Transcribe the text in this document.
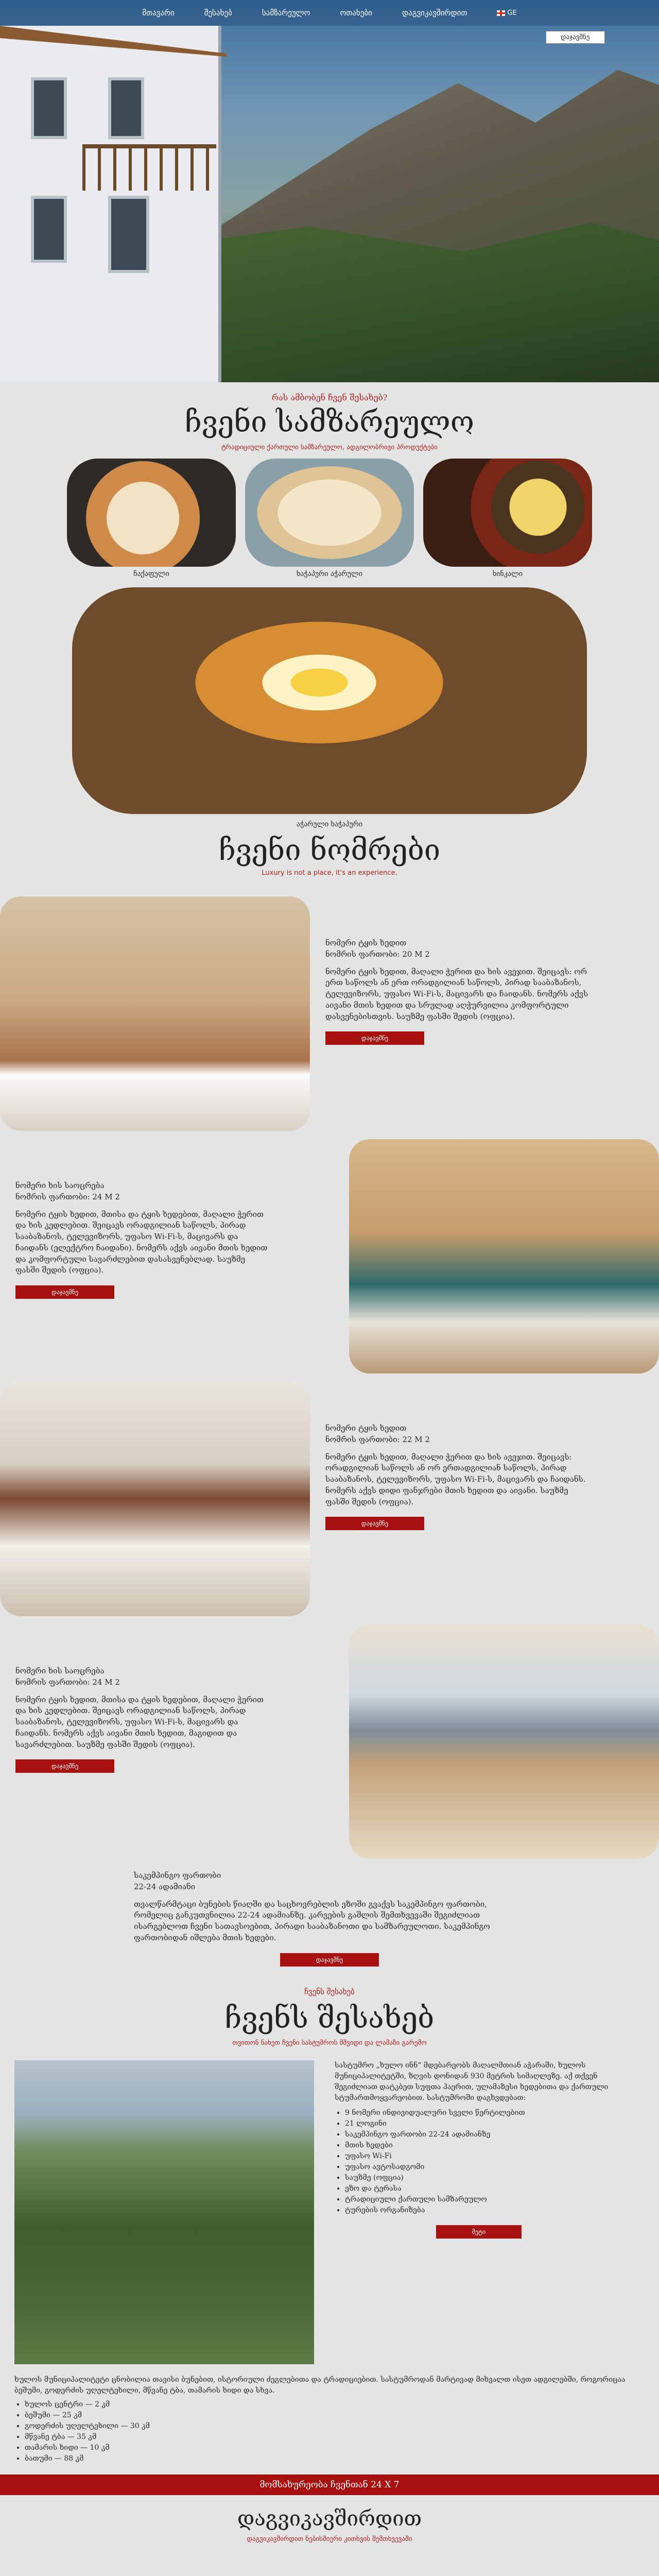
მთავარი	შესახებ	სამზარეულო	ოთახები	დაგვიკავშირდით	GE
დაჯავშნე
რას ამბობენ ჩვენ შესახებ?
ჩვენი სამზარეულო
ტრადიციული ქართული სამზარეულო, ადგილობრივი პროდუქტები
ჩაქაფული	ხაჭაპური აჭარული	ხინკალი
აჭარული ხაჭაპური
ჩვენი ნომრები
Luxury is not a place, it's an experience.
ნომერი ტყის ხედით
ნომრის ფართობი: 20 M 2

ნომერი ტყის ხედით, მაღალი ჭერით და ხის ავეჯით. შეიცავს: ორ ერთ საწოლს ან ერთ ორადგილიან საწოლს, პირად სააბაზანოს, ტელევიზორს, უფასო Wi-Fi-ს, მაცივარს და ჩაიდანს. ნომერს აქვს აივანი მთის ხედით და სრულად აღჭურვილია კომფორტული დასვენებისთვის. საუზმე ფასში შედის (ოფცია).

დაჯავშნე
ნომერი ხის საოცრება
ნომრის ფართობი: 24 M 2

ნომერი ტყის ხედით, მთისა და ტყის ხედებით, მაღალი ჭერით და ხის კედლებით. შეიცავს ორადგილიან საწოლს, პირად სააბაზანოს, ტელევიზორს, უფასო Wi-Fi-ს, მაცივარს და ჩაიდანს (ელექტრო ჩაიდანი). ნომერს აქვს აივანი მთის ხედით და კომფორტული სავარძლებით დასასვენებლად. საუზმე ფასში შედის (ოფცია).

დაჯავშნე
ნომერი ტყის ხედით
ნომრის ფართობი: 22 M 2

ნომერი ტყის ხედით, მაღალი ჭერით და ხის ავეჯით. შეიცავს: ორადგილიან საწოლს ან ორ ერთადგილიან საწოლს, პირად სააბაზანოს, ტელევიზორს, უფასო Wi-Fi-ს, მაცივარს და ჩაიდანს. ნომერს აქვს დიდი ფანჯრები მთის ხედით და აივანი. საუზმე ფასში შედის (ოფცია).

დაჯავშნე
ნომერი ხის საოცრება
ნომრის ფართობი: 24 M 2

ნომერი ტყის ხედით, მთისა და ტყის ხედებით, მაღალი ჭერით და ხის კედლებით. შეიცავს ორადგილიან საწოლს, პირად სააბაზანოს, ტელევიზორს, უფასო Wi-Fi-ს, მაცივარს და ჩაიდანს. ნომერს აქვს აივანი მთის ხედით, მაგიდით და სავარძლებით. საუზმე ფასში შედის (ოფცია).

დაჯავშნე
საკემპინგო ფართობი
22-24 ადამიანი

თვალწარმტაცი ბუნების წიაღში და საცხოვრებლის ეზოში გვაქვს საკემპინგო ფართობი, რომელიც განკუთვნილია 22-24 ადამიანზე. კარვების გაშლის შემთხვევაში შეგიძლიათ ისარგებლოთ ჩვენი სათავსოებით, პირადი სააბაზანოთი და სამზარეულოთი. საკემპინგო ფართობიდან იშლება მთის ხედები.

დაჯავშნე
ჩვენს შესახებ
ჩვენს შესახებ
თვითონ ნახეთ ჩვენი სასტუმროს მშვიდი და ლამაზი გარემო

სასტუმრო „ხულო ინნ“ მდებარეობს მაღალმთიან აჭარაში, ხულოს მუნიციპალიტეტში, ზღვის დონიდან 930 მეტრის სიმაღლეზე. აქ თქვენ შეგიძლიათ დატკბეთ სუფთა ჰაერით, ულამაზესი ხედებითა და ქართული სტუმართმოყვარეობით. სასტუმროში დაგხვდებათ:

• 9 ნომერი ინდივიდუალური სველი წერტილებით
• 21 ლოგინი
• საკემპინგო ფართობი 22-24 ადამიანზე
• მთის ხედები
• უფასო Wi-Fi
• უფასო ავტოსადგომი
• საუზმე (ოფცია)
• ეზო და ტერასა
• ტრადიციული ქართული სამზარეულო
• ტურების ორგანიზება
მეტი

ხულოს მუნიციპალიტეტი ცნობილია თავისი ბუნებით, ისტორიული ძეგლებითა და ტრადიციებით. სასტუმროდან მარტივად მიხვალთ ისეთ ადგილებში, როგორიცაა ბეშუმი, გოდერძის უღელტეხილი, მწვანე ტბა, თამარის ხიდი და სხვა.

• ხულოს ცენტრი — 2 კმ
• ბეშუმი — 25 კმ
• გოდერძის უღელტეხილი — 30 კმ
• მწვანე ტბა — 35 კმ
• თამარის ხიდი — 10 კმ
• ბათუმი — 88 კმ
მომსახურეობა ჩვენთან 24 X 7
დაგვიკავშირდით
დაგვიკავშირდით ნებისმიერი კითხვის შემთხვევაში
